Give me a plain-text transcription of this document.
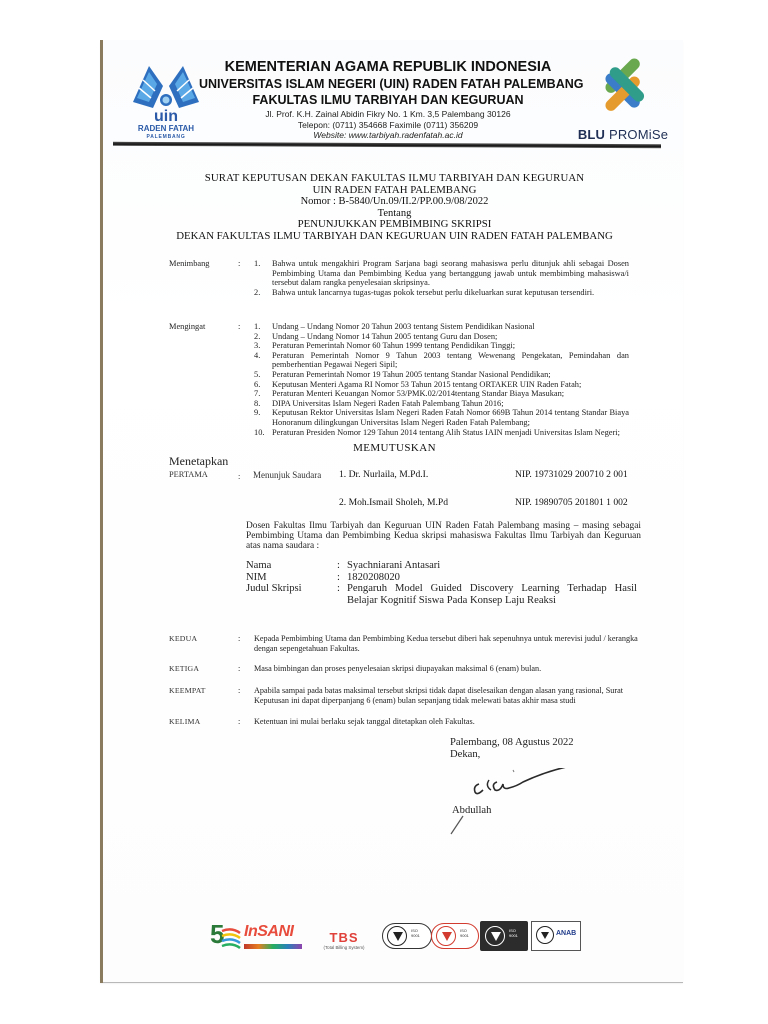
uin
RADEN FATAH
PALEMBANG
KEMENTERIAN AGAMA REPUBLIK INDONESIA
UNIVERSITAS ISLAM NEGERI (UIN) RADEN FATAH PALEMBANG
FAKULTAS ILMU TARBIYAH DAN KEGURUAN
Jl. Prof. K.H. Zainal Abidin Fikry No. 1 Km. 3,5 Palembang 30126
Telepon: (0711) 354668 Faximile (0711) 356209
Website: www.tarbiyah.radenfatah.ac.id	BLU PROMiSe
SURAT KEPUTUSAN DEKAN FAKULTAS ILMU TARBIYAH DAN KEGURUAN
UIN RADEN FATAH PALEMBANG
Nomor : B-5840/Un.09/II.2/PP.00.9/08/2022
Tentang
PENUNJUKKAN PEMBIMBING SKRIPSI
DEKAN FAKULTAS ILMU TARBIYAH DAN KEGURUAN UIN RADEN FATAH PALEMBANG
Menimbang	: 1. Bahwa untuk mengakhiri Program Sarjana bagi seorang mahasiswa perlu ditunjuk ahli sebagai Dosen Pembimbing Utama dan Pembimbing Kedua yang bertanggung jawab untuk membimbing mahasiswa/i tersebut dalam rangka penyelesaian skripsinya.
2. Bahwa untuk lancarnya tugas-tugas pokok tersebut perlu dikeluarkan surat keputusan tersendiri.
Mengingat	: 1. Undang – Undang Nomor 20 Tahun 2003 tentang Sistem Pendidikan Nasional
2. Undang – Undang Nomor 14 Tahun 2005 tentang Guru dan Dosen;
3. Peraturan Pemerintah Nomor 60 Tahun 1999 tentang Pendidikan Tinggi;
4. Peraturan Pemerintah Nomor 9 Tahun 2003 tentang Wewenang Pengekatan, Pemindahan dan pemberhentian Pegawai Negeri Sipil;
5. Peraturan Pemerintah Nomor 19 Tahun 2005 tentang Standar Nasional Pendidikan;
6. Keputusan Menteri Agama RI Nomor 53 Tahun 2015 tentang ORTAKER UIN Raden Fatah;
7. Peraturan Menteri Keuangan Nomor 53/PMK.02/2014tentang Standar Biaya Masukan;
8. DIPA Universitas Islam Negeri Raden Fatah Palembang Tahun 2016;
9. Keputusan Rektor Universitas Islam Negeri Raden Fatah Nomor 669B Tahun 2014 tentang Standar Biaya Honoranum dilingkungan Universitas Islam Negeri Raden Fatah Palembang;
10. Peraturan Presiden Nomor 129 Tahun 2014 tentang Alih Status IAIN menjadi Universitas Islam Negeri;
MEMUTUSKAN
Menetapkan
PERTAMA	: Menunjuk Saudara 1. Dr. Nurlaila, M.Pd.I.	NIP. 19731029 200710 2 001
2. Moh.Ismail Sholeh, M.Pd	NIP. 19890705 201801 1 002
Dosen Fakultas Ilmu Tarbiyah dan Keguruan UIN Raden Fatah Palembang masing – masing sebagai Pembimbing Utama dan Pembimbing Kedua skripsi mahasiswa Fakultas Ilmu Tarbiyah dan Keguruan atas nama saudara :
Nama	: Syachniarani Antasari
NIM	: 1820208020
Judul Skripsi	: Pengaruh Model Guided Discovery Learning Terhadap Hasil Belajar Kognitif Siswa Pada Konsep Laju Reaksi
KEDUA	: Kepada Pembimbing Utama dan Pembimbing Kedua tersebut diberi hak sepenuhnya untuk merevisi judul / kerangka dengan sepengetahuan Fakultas.
KETIGA	: Masa bimbingan dan proses penyelesaian skripsi diupayakan maksimal 6 (enam) bulan.
KEEMPAT	: Apabila sampai pada batas maksimal tersebut skripsi tidak dapat diselesaikan dengan alasan yang rasional, Surat Keputusan ini dapat diperpanjang 6 (enam) bulan sepanjang tidak melewati batas akhir masa studi
KELIMA	: Ketentuan ini mulai berlaku sejak tanggal ditetapkan oleh Fakultas.
Palembang, 08 Agustus 2022
Dekan,
Abdullah
5 InSANI	TBS
(Total Billing System)
ISO
9001
ISO
9001
ISO
9001	ANAB
